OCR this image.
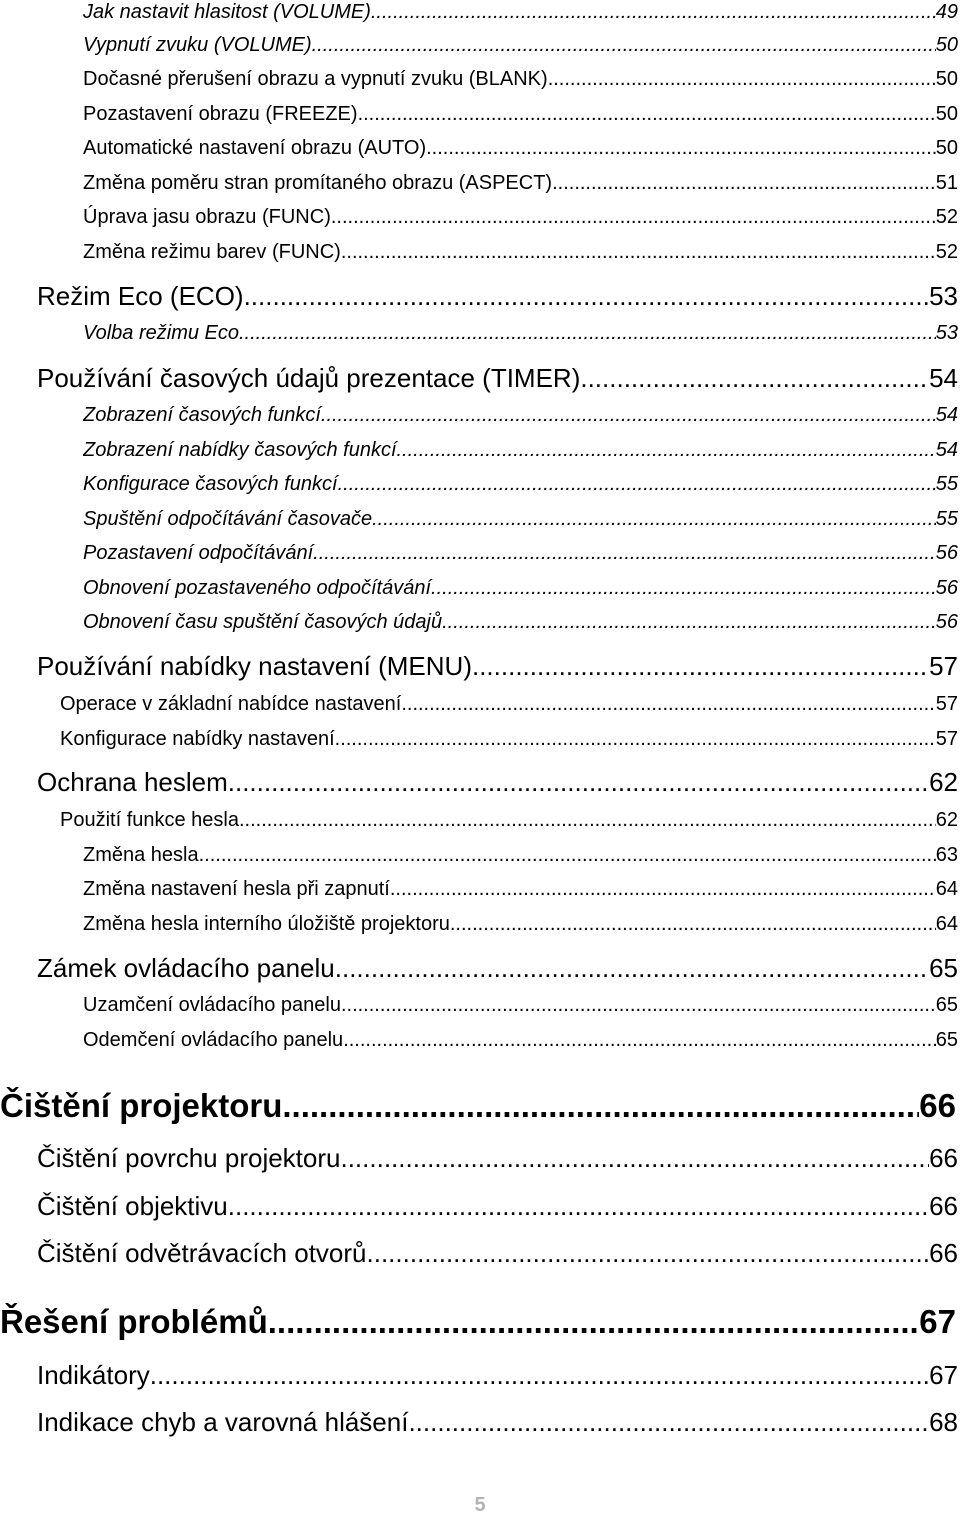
Jak nastavit hlasitost (VOLUME) .....	49
Vypnutí zvuku (VOLUME) .....	50
Dočasné přerušení obrazu a vypnutí zvuku (BLANK) .....	50
Pozastavení obrazu (FREEZE) .....	50
Automatické nastavení obrazu (AUTO) .....	50
Změna poměru stran promítaného obrazu (ASPECT) .....	51
Úprava jasu obrazu (FUNC) .....	52
Změna režimu barev (FUNC) .....	52
Režim Eco (ECO) .....	53
Volba režimu Eco .....	53
Používání časových údajů prezentace (TIMER) .....	54
Zobrazení časových funkcí .....	54
Zobrazení nabídky časových funkcí .....	54
Konfigurace časových funkcí .....	55
Spuštění odpočítávání časovače .....	55
Pozastavení odpočítávání .....	56
Obnovení pozastaveného odpočítávání .....	56
Obnovení času spuštění časových údajů .....	56
Používání nabídky nastavení (MENU) .....	57
Operace v základní nabídce nastavení .....	57
Konfigurace nabídky nastavení .....	57
Ochrana heslem .....	62
Použití funkce hesla .....	62
Změna hesla .....	63
Změna nastavení hesla při zapnutí .....	64
Změna hesla interního úložiště projektoru .....	64
Zámek ovládacího panelu .....	65
Uzamčení ovládacího panelu .....	65
Odemčení ovládacího panelu .....	65
Čištění projektoru .....	66
Čištění povrchu projektoru .....	66
Čištění objektivu .....	66
Čištění odvětrávacích otvorů .....	66
Řešení problémů .....	67
Indikátory .....	67
Indikace chyb a varovná hlášení .....	68
5
